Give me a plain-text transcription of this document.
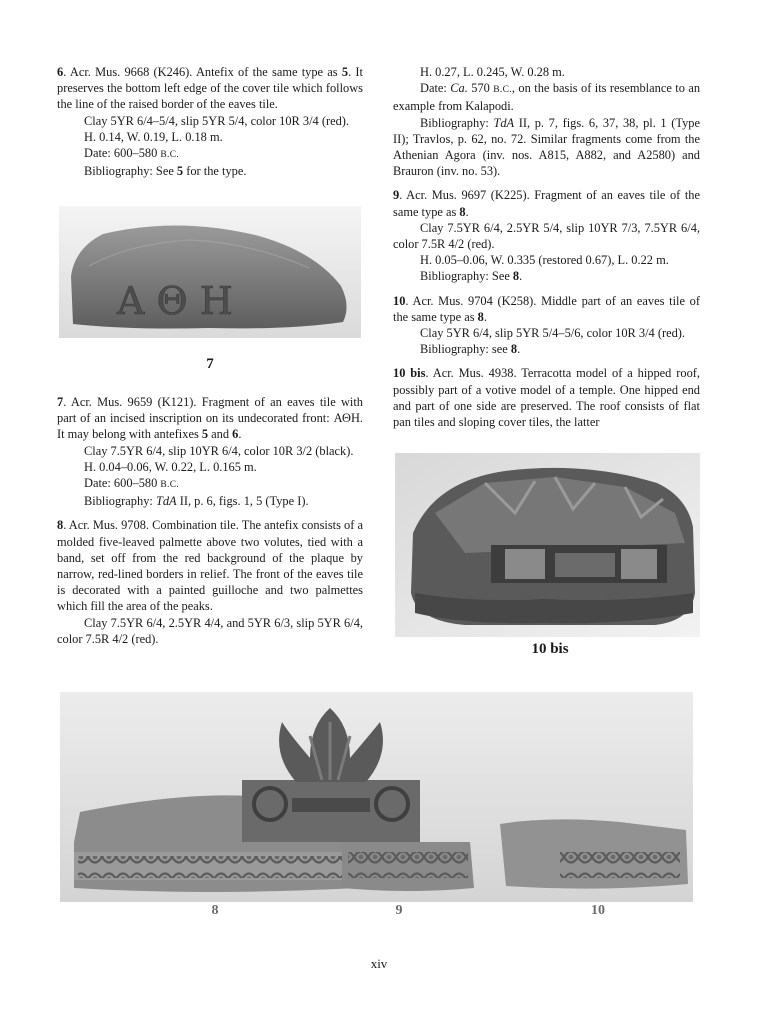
6. Acr. Mus. 9668 (K246). Antefix of the same type as 5. It preserves the bottom left edge of the cover tile which follows the line of the raised border of the eaves tile.

Clay 5YR 6/4–5/4, slip 5YR 5/4, color 10R 3/4 (red).

H. 0.14, W. 0.19, L. 0.18 m.

Date: 600–580 B.C.

Bibliography: See 5 for the type.

Α Θ Η
7

7. Acr. Mus. 9659 (K121). Fragment of an eaves tile with part of an incised inscription on its undecorated front: ΑΘΗ. It may belong with antefixes 5 and 6.

Clay 7.5YR 6/4, slip 10YR 6/4, color 10R 3/2 (black).

H. 0.04–0.06, W. 0.22, L. 0.165 m.

Date: 600–580 B.C.

Bibliography: TdA II, p. 6, figs. 1, 5 (Type I).

8. Acr. Mus. 9708. Combination tile. The antefix consists of a molded five-leaved palmette above two volutes, tied with a band, set off from the red background of the plaque by narrow, red-lined borders in relief. The front of the eaves tile is decorated with a painted guilloche and two palmettes which fill the area of the peaks.

Clay 7.5YR 6/4, 2.5YR 4/4, and 5YR 6/3, slip 5YR 6/4, color 7.5R 4/2 (red).

H. 0.27, L. 0.245, W. 0.28 m.

Date: Ca. 570 B.C., on the basis of its resemblance to an example from Kalapodi.

Bibliography: TdA II, p. 7, figs. 6, 37, 38, pl. 1 (Type II); Travlos, p. 62, no. 72. Similar fragments come from the Athenian Agora (inv. nos. A815, A882, and A2580) and Brauron (inv. no. 53).

9. Acr. Mus. 9697 (K225). Fragment of an eaves tile of the same type as 8.

Clay 7.5YR 6/4, 2.5YR 5/4, slip 10YR 7/3, 7.5YR 6/4, color 7.5R 4/2 (red).

H. 0.05–0.06, W. 0.335 (restored 0.67), L. 0.22 m.

Bibliography: See 8.

10. Acr. Mus. 9704 (K258). Middle part of an eaves tile of the same type as 8.

Clay 5YR 6/4, slip 5YR 5/4–5/6, color 10R 3/4 (red).

Bibliography: see 8.

10 bis. Acr. Mus. 4938. Terracotta model of a hipped roof, possibly part of a votive model of a temple. One hipped end and part of one side are preserved. The roof consists of flat pan tiles and sloping cover tiles, the latter

10 bis
8	9	10
xiv
